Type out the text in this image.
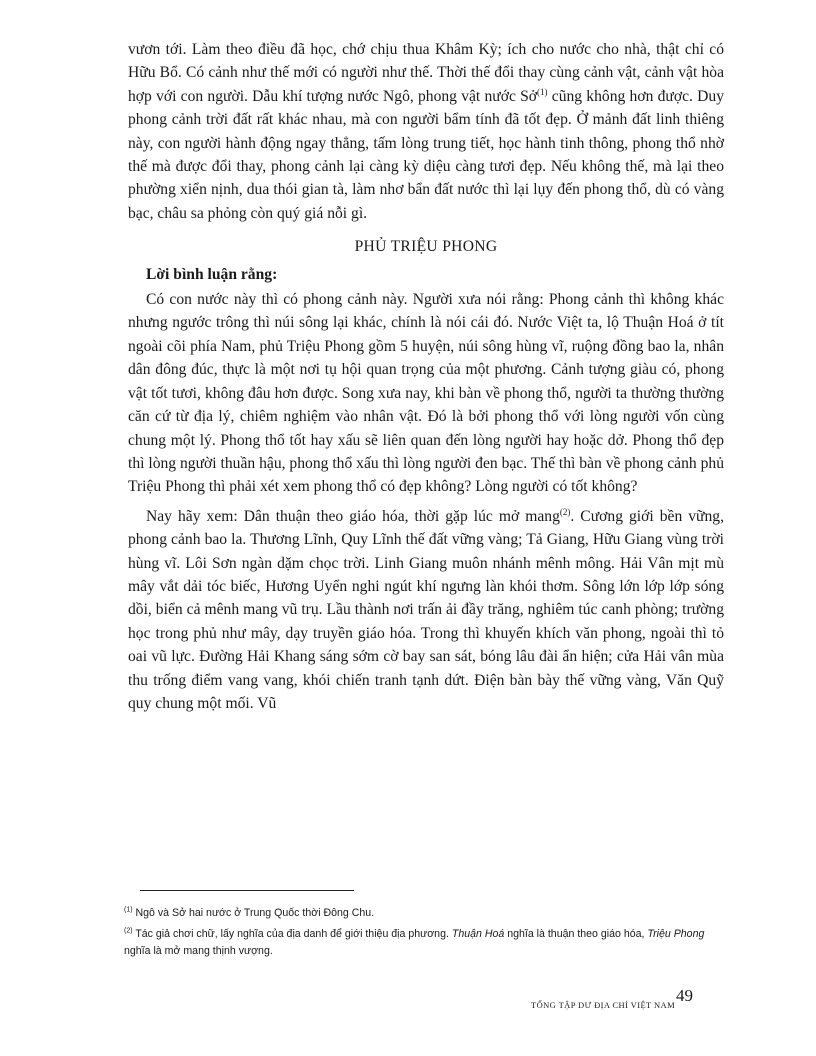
vươn tới. Làm theo điều đã học, chớ chịu thua Khâm Kỳ; ích cho nước cho nhà, thật chỉ có Hữu Bổ. Có cảnh như thế mới có người như thế. Thời thế đổi thay cùng cảnh vật, cảnh vật hòa hợp với con người. Dẫu khí tượng nước Ngô, phong vật nước Sở$^{(1)}$ cũng không hơn được. Duy phong cảnh trời đất rất khác nhau, mà con người bẩm tính đã tốt đẹp. Ở mảnh đất linh thiêng này, con người hành động ngay thẳng, tấm lòng trung tiết, học hành tinh thông, phong thổ nhờ thế mà được đổi thay, phong cảnh lại càng kỳ diệu càng tươi đẹp. Nếu không thế, mà lại theo phường xiển nịnh, dua thói gian tà, làm nhơ bẩn đất nước thì lại lụy đến phong thổ, dù có vàng bạc, châu sa phỏng còn quý giá nỗi gì.

PHỦ TRIỆU PHONG

Lời bình luận rằng:

Có con nước này thì có phong cảnh này. Người xưa nói rằng: Phong cảnh thì không khác nhưng ngước trông thì núi sông lại khác, chính là nói cái đó. Nước Việt ta, lộ Thuận Hoá ở tít ngoài cõi phía Nam, phủ Triệu Phong gồm 5 huyện, núi sông hùng vĩ, ruộng đồng bao la, nhân dân đông đúc, thực là một nơi tụ hội quan trọng của một phương. Cảnh tượng giàu có, phong vật tốt tươi, không đâu hơn được. Song xưa nay, khi bàn về phong thổ, người ta thường thường căn cứ từ địa lý, chiêm nghiệm vào nhân vật. Đó là bởi phong thổ với lòng người vốn cùng chung một lý. Phong thổ tốt hay xấu sẽ liên quan đến lòng người hay hoặc dở. Phong thổ đẹp thì lòng người thuần hậu, phong thổ xấu thì lòng người đen bạc. Thế thì bàn về phong cảnh phủ Triệu Phong thì phải xét xem phong thổ có đẹp không? Lòng người có tốt không?

Nay hãy xem: Dân thuận theo giáo hóa, thời gặp lúc mở mang$^{(2)}$. Cương giới bền vững, phong cảnh bao la. Thương Lĩnh, Quy Lĩnh thế đất vững vàng; Tả Giang, Hữu Giang vùng trời hùng vĩ. Lôi Sơn ngàn dặm chọc trời. Linh Giang muôn nhánh mênh mông. Hải Vân mịt mù mây vắt dải tóc biếc, Hương Uyển nghi ngút khí ngưng làn khói thơm. Sông lớn lớp lớp sóng dồi, biển cả mênh mang vũ trụ. Lầu thành nơi trấn ải đầy trăng, nghiêm túc canh phòng; trường học trong phủ như mây, dạy truyền giáo hóa. Trong thì khuyến khích văn phong, ngoài thì tỏ oai vũ lực. Đường Hải Khang sáng sớm cờ bay san sát, bóng lâu đài ẩn hiện; cửa Hải vân mùa thu trống điểm vang vang, khói chiến tranh tạnh dứt. Điện bàn bày thế vững vàng, Văn Quỹ quy chung một mối. Vũ

$^{(1)}$ Ngô và Sở hai nước ở Trung Quốc thời Đông Chu.

$^{(2)}$ Tác giả chơi chữ, lấy nghĩa của địa danh để giới thiệu địa phương. Thuận Hoá nghĩa là thuận theo giáo hóa, Triệu Phong nghĩa là mở mang thịnh vượng.

TỔNG TẬP DƯ ĐỊA CHÍ VIỆT NAM 49
